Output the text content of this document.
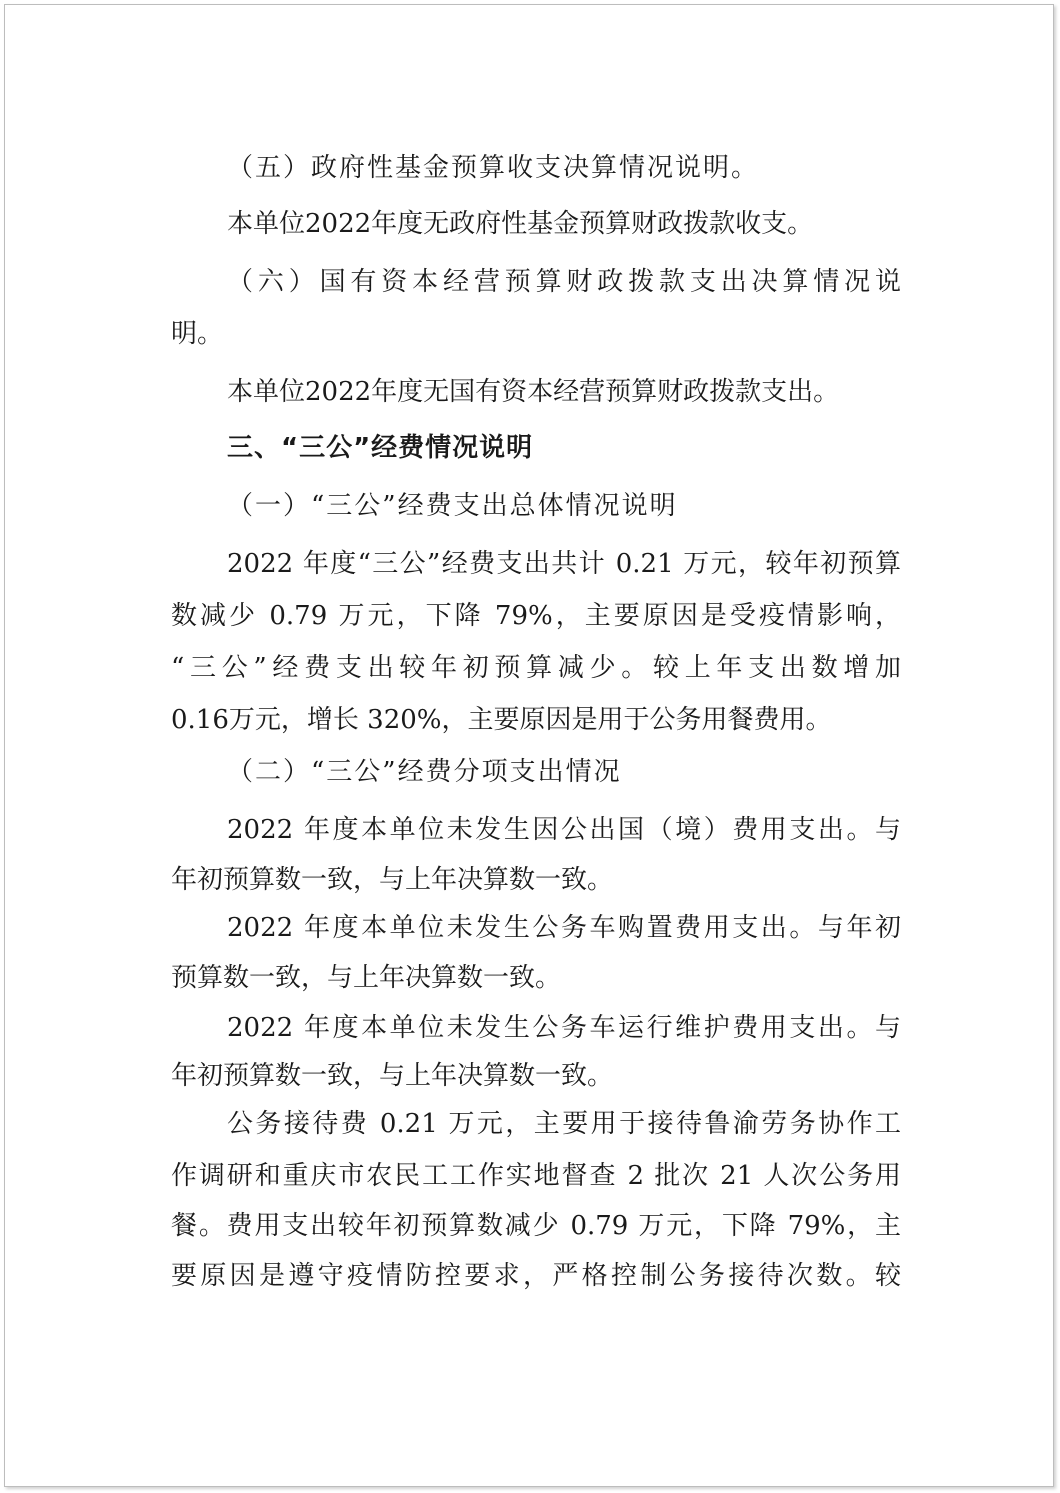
（五）政府性基金预算收支决算情况说明。
本单位2022年度无政府性基金预算财政拨款收支。
（六）国有资本经营预算财政拨款支出决算情况说
明。
本单位2022年度无国有资本经营预算财政拨款支出。
三、“三公”经费情况说明
（一）“三公”经费支出总体情况说明
2022 年度“三公”经费支出共计 0.21 万元，较年初预算
数减少 0.79 万元，下降 79%，主要原因是受疫情影响，
“三公”经费支出较年初预算减少。较上年支出数增加
0.16万元，增长 320%，主要原因是用于公务用餐费用。
（二）“三公”经费分项支出情况
2022 年度本单位未发生因公出国（境）费用支出。与
年初预算数一致，与上年决算数一致。
2022 年度本单位未发生公务车购置费用支出。与年初
预算数一致，与上年决算数一致。
2022 年度本单位未发生公务车运行维护费用支出。与
年初预算数一致，与上年决算数一致。
公务接待费 0.21 万元，主要用于接待鲁渝劳务协作工
作调研和重庆市农民工工作实地督查 2 批次 21 人次公务用
餐。费用支出较年初预算数减少 0.79 万元，下降 79%，主
要原因是遵守疫情防控要求，严格控制公务接待次数。较
